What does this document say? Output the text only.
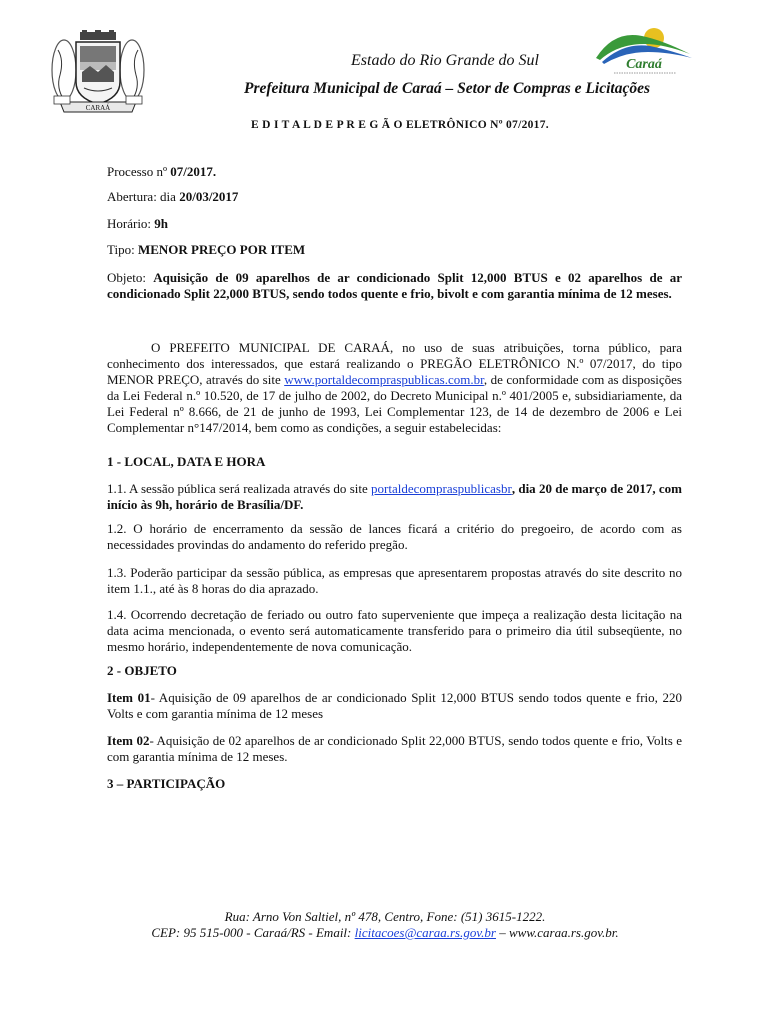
CARAÁ
Caraá
Estado do Rio Grande do Sul
Prefeitura Municipal de Caraá – Setor de Compras e Licitações
E D I T A L D E P R E G Ã O ELETRÔNICO Nº 07/2017.
Processo nº 07/2017.
Abertura: dia 20/03/2017
Horário: 9h
Tipo: MENOR PREÇO POR ITEM
Objeto: Aquisição de 09 aparelhos de ar condicionado Split 12,000 BTUS e 02 aparelhos de ar condicionado Split 22,000 BTUS, sendo todos quente e frio, bivolt e com garantia mínima de 12 meses.
O PREFEITO MUNICIPAL DE CARAÁ, no uso de suas atribuições, torna público, para conhecimento dos interessados, que estará realizando o PREGÃO ELETRÔNICO N.º 07/2017, do tipo MENOR PREÇO, através do site www.portaldecompraspublicas.com.br, de conformidade com as disposições da Lei Federal n.º 10.520, de 17 de julho de 2002, do Decreto Municipal n.º 401/2005 e, subsidiariamente, da Lei Federal nº 8.666, de 21 de junho de 1993, Lei Complementar 123, de 14 de dezembro de 2006 e Lei Complementar n°147/2014, bem como as condições, a seguir estabelecidas:
1 - LOCAL, DATA E HORA
1.1. A sessão pública será realizada através do site portaldecompraspublicasbr, dia 20 de março de 2017, com início às 9h, horário de Brasília/DF.
1.2. O horário de encerramento da sessão de lances ficará a critério do pregoeiro, de acordo com as necessidades provindas do andamento do referido pregão.
1.3. Poderão participar da sessão pública, as empresas que apresentarem propostas através do site descrito no item 1.1., até às 8 horas do dia aprazado.
1.4. Ocorrendo decretação de feriado ou outro fato superveniente que impeça a realização desta licitação na data acima mencionada, o evento será automaticamente transferido para o primeiro dia útil subseqüente, no mesmo horário, independentemente de nova comunicação.
2 - OBJETO
Item 01- Aquisição de 09 aparelhos de ar condicionado Split 12,000 BTUS sendo todos quente e frio, 220 Volts e com garantia mínima de 12 meses
Item 02- Aquisição de 02 aparelhos de ar condicionado Split 22,000 BTUS, sendo todos quente e frio, Volts e com garantia mínima de 12 meses.
3 – PARTICIPAÇÃO
Rua: Arno Von Saltiel, nº 478, Centro, Fone: (51) 3615-1222.
CEP: 95 515-000 - Caraá/RS - Email: licitacoes@caraa.rs.gov.br – www.caraa.rs.gov.br.
